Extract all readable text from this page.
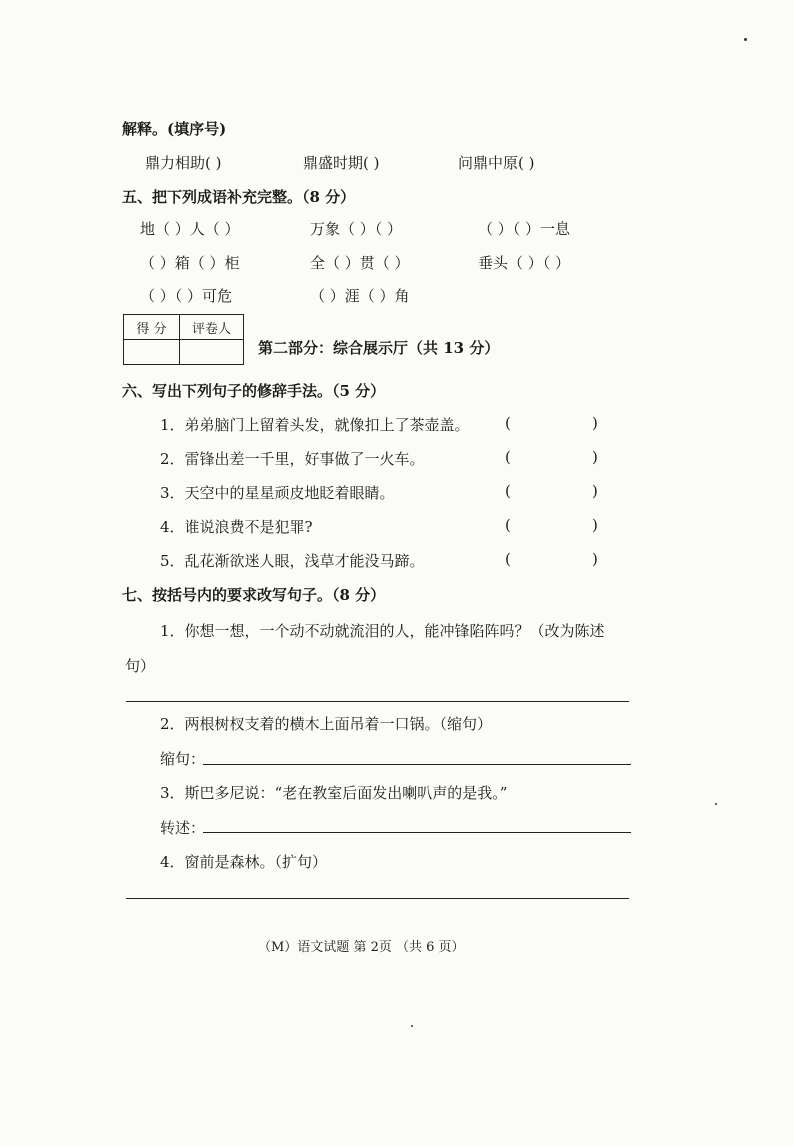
解释。(填序号)
鼎力相助( )	鼎盛时期( )	问鼎中原( )
五、把下列成语补充完整。（8 分）
地（ ）人（ ）	万象（ ）（ ）	（ ）（ ）一息
（ ）箱（ ）柜	全（ ）贯（ ）	垂头（ ）（ ）
（ ）（ ）可危	（ ）涯（ ）角
得 分	评卷人

第二部分：综合展示厅（共 13 分）
六、写出下列句子的修辞手法。（5 分）
1．弟弟脑门上留着头发，就像扣上了茶壶盖。 (	)
2．雷锋出差一千里，好事做了一火车。	(	)
3．天空中的星星顽皮地眨着眼睛。	(	)
4．谁说浪费不是犯罪?	(	)
5．乱花渐欲迷人眼，浅草才能没马蹄。	(	)
七、按括号内的要求改写句子。（8 分）
1．你想一想，一个动不动就流泪的人，能冲锋陷阵吗？（改为陈述
句）
2．两根树杈支着的横木上面吊着一口锅。（缩句）
缩句：
3．斯巴多尼说：“老在教室后面发出喇叭声的是我。”
转述：
4．窗前是森林。（扩句）
（M）语文试题 第 2页 （共 6 页）
